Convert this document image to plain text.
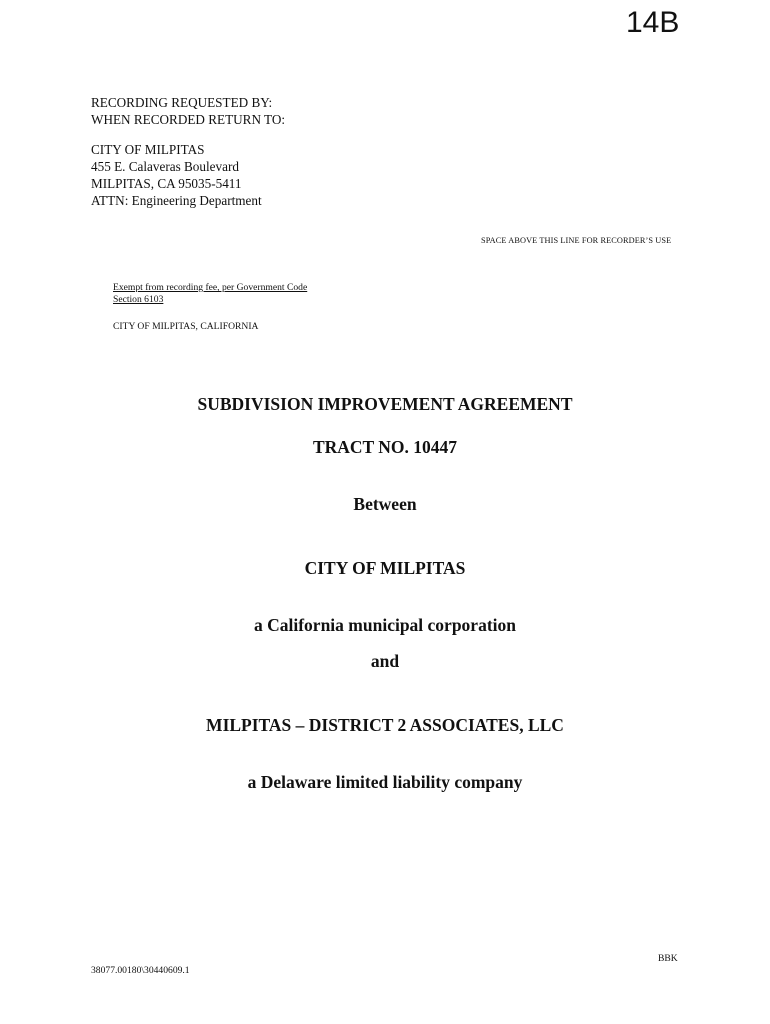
14B
RECORDING REQUESTED BY:
WHEN RECORDED RETURN TO:
CITY OF MILPITAS
455 E. Calaveras Boulevard
MILPITAS, CA 95035-5411
ATTN: Engineering Department
SPACE ABOVE THIS LINE FOR RECORDER’S USE
Exempt from recording fee, per Government Code
Section 6103
CITY OF MILPITAS, CALIFORNIA
SUBDIVISION IMPROVEMENT AGREEMENT
TRACT NO. 10447
Between
CITY OF MILPITAS
a California municipal corporation
and
MILPITAS – DISTRICT 2 ASSOCIATES, LLC
a Delaware limited liability company
38077.00180\30440609.1
BBK
